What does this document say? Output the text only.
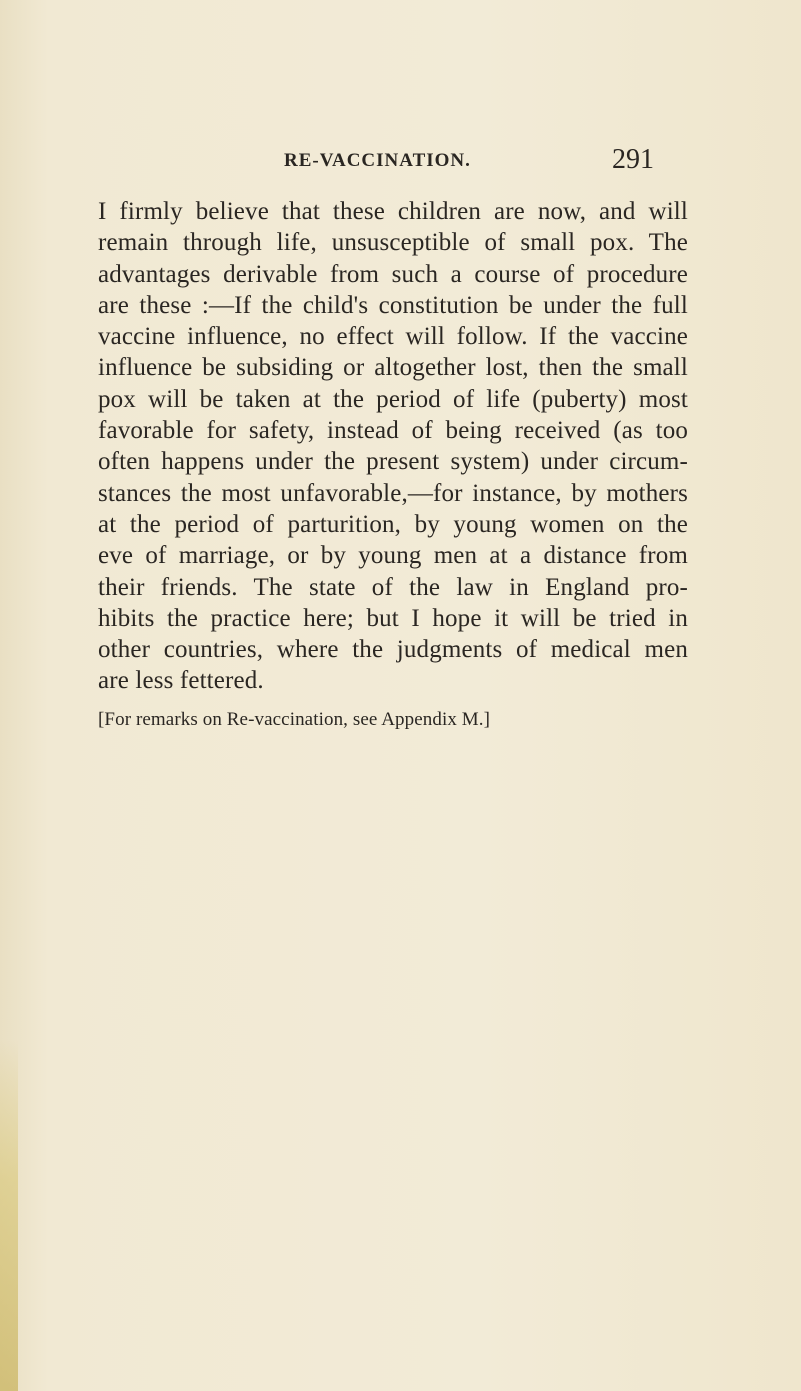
RE-VACCINATION.	291
I firmly believe that these children are now, and will
remain through life, unsusceptible of small pox. The
advantages derivable from such a course of procedure
are these :—If the child's constitution be under the full
vaccine influence, no effect will follow. If the vaccine
influence be subsiding or altogether lost, then the small
pox will be taken at the period of life (puberty) most
favorable for safety, instead of being received (as too
often happens under the present system) under circum-
stances the most unfavorable,—for instance, by mothers
at the period of parturition, by young women on the
eve of marriage, or by young men at a distance from
their friends. The state of the law in England pro-
hibits the practice here; but I hope it will be tried in
other countries, where the judgments of medical men
are less fettered.
[For remarks on Re-vaccination, see Appendix M.]
